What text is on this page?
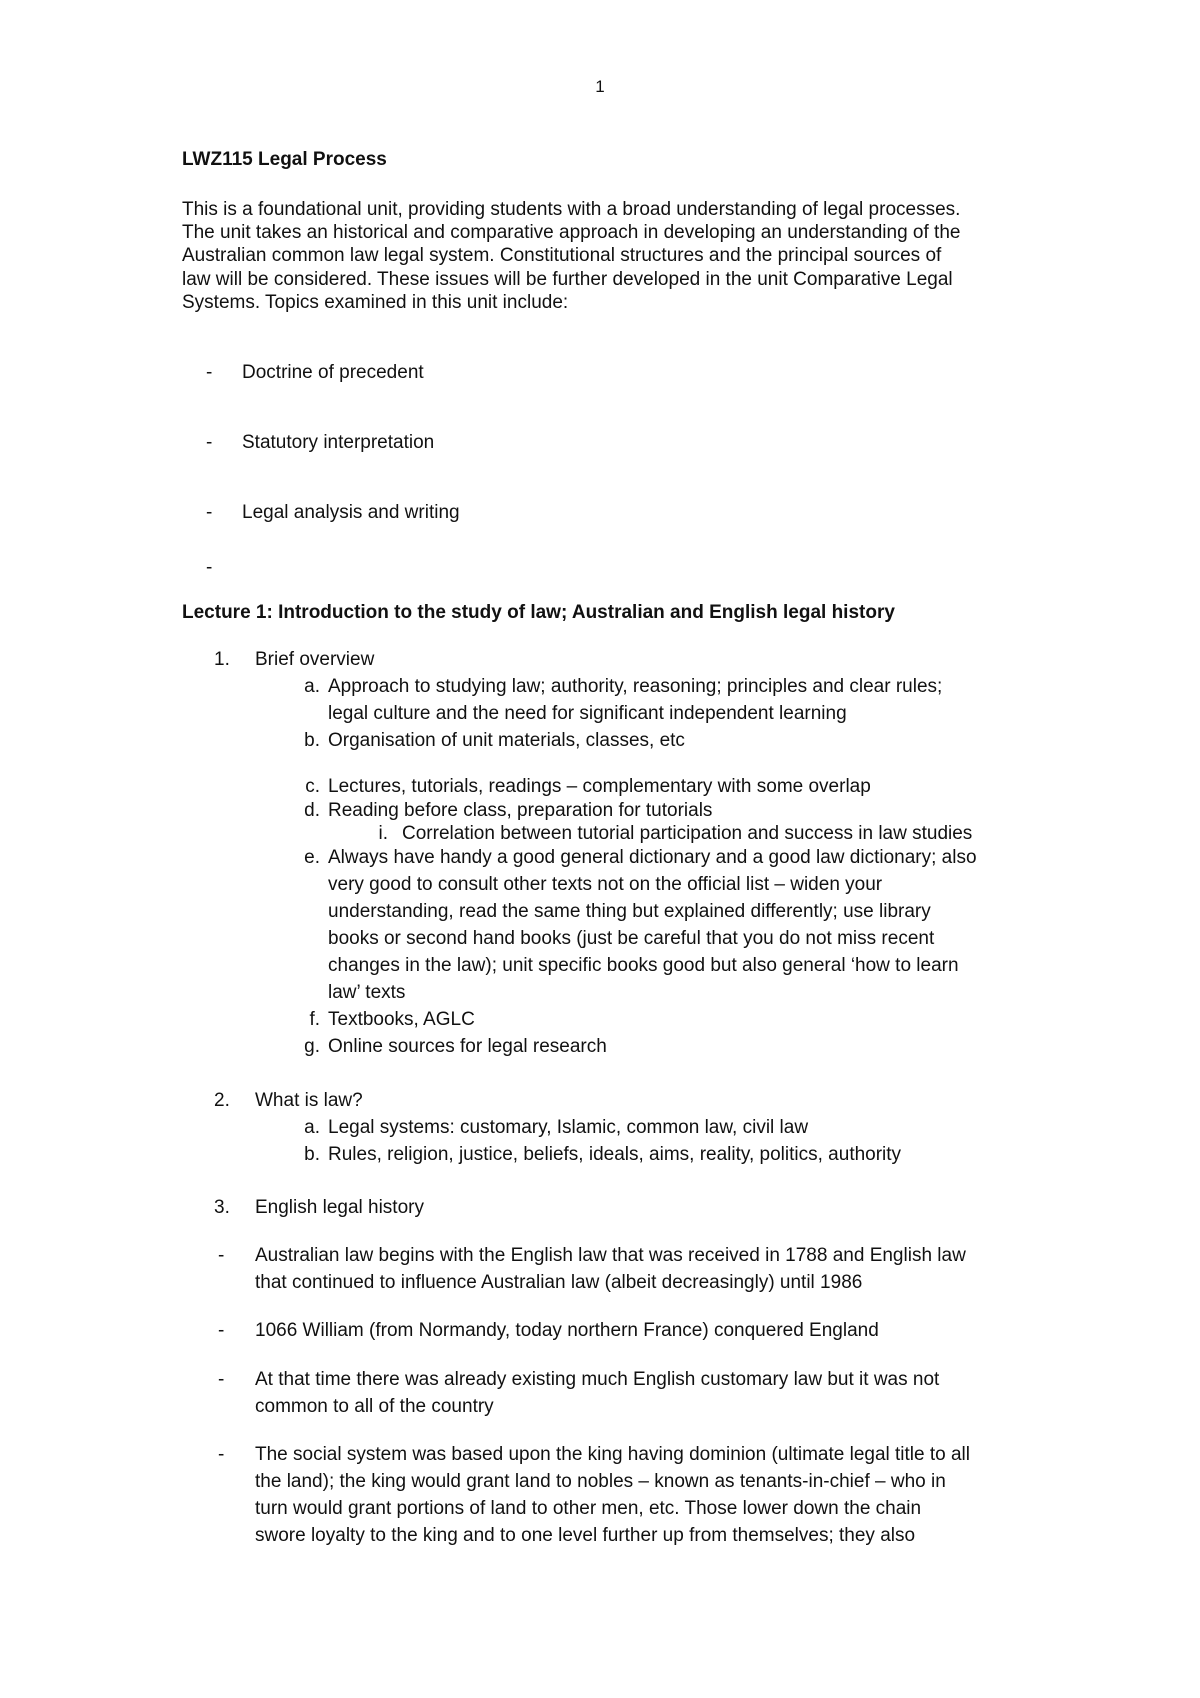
1
LWZ115 Legal Process
This is a foundational unit, providing students with a broad understanding of legal processes.
The unit takes an historical and comparative approach in developing an understanding of the
Australian common law legal system. Constitutional structures and the principal sources of
law will be considered. These issues will be further developed in the unit Comparative Legal
Systems. Topics examined in this unit include:
- Doctrine of precedent
- Statutory interpretation
- Legal analysis and writing
-
Lecture 1: Introduction to the study of law; Australian and English legal history
1. Brief overview
a. Approach to studying law; authority, reasoning; principles and clear rules;
legal culture and the need for significant independent learning
b. Organisation of unit materials, classes, etc
c. Lectures, tutorials, readings – complementary with some overlap
d. Reading before class, preparation for tutorials
i. Correlation between tutorial participation and success in law studies
e. Always have handy a good general dictionary and a good law dictionary; also
very good to consult other texts not on the official list – widen your
understanding, read the same thing but explained differently; use library
books or second hand books (just be careful that you do not miss recent
changes in the law); unit specific books good but also general ‘how to learn
law’ texts
f. Textbooks, AGLC
g. Online sources for legal research
2. What is law?
a. Legal systems: customary, Islamic, common law, civil law
b. Rules, religion, justice, beliefs, ideals, aims, reality, politics, authority
3. English legal history
- Australian law begins with the English law that was received in 1788 and English law
that continued to influence Australian law (albeit decreasingly) until 1986
- 1066 William (from Normandy, today northern France) conquered England
- At that time there was already existing much English customary law but it was not
common to all of the country
- The social system was based upon the king having dominion (ultimate legal title to all
the land); the king would grant land to nobles – known as tenants-in-chief – who in
turn would grant portions of land to other men, etc. Those lower down the chain
swore loyalty to the king and to one level further up from themselves; they also
